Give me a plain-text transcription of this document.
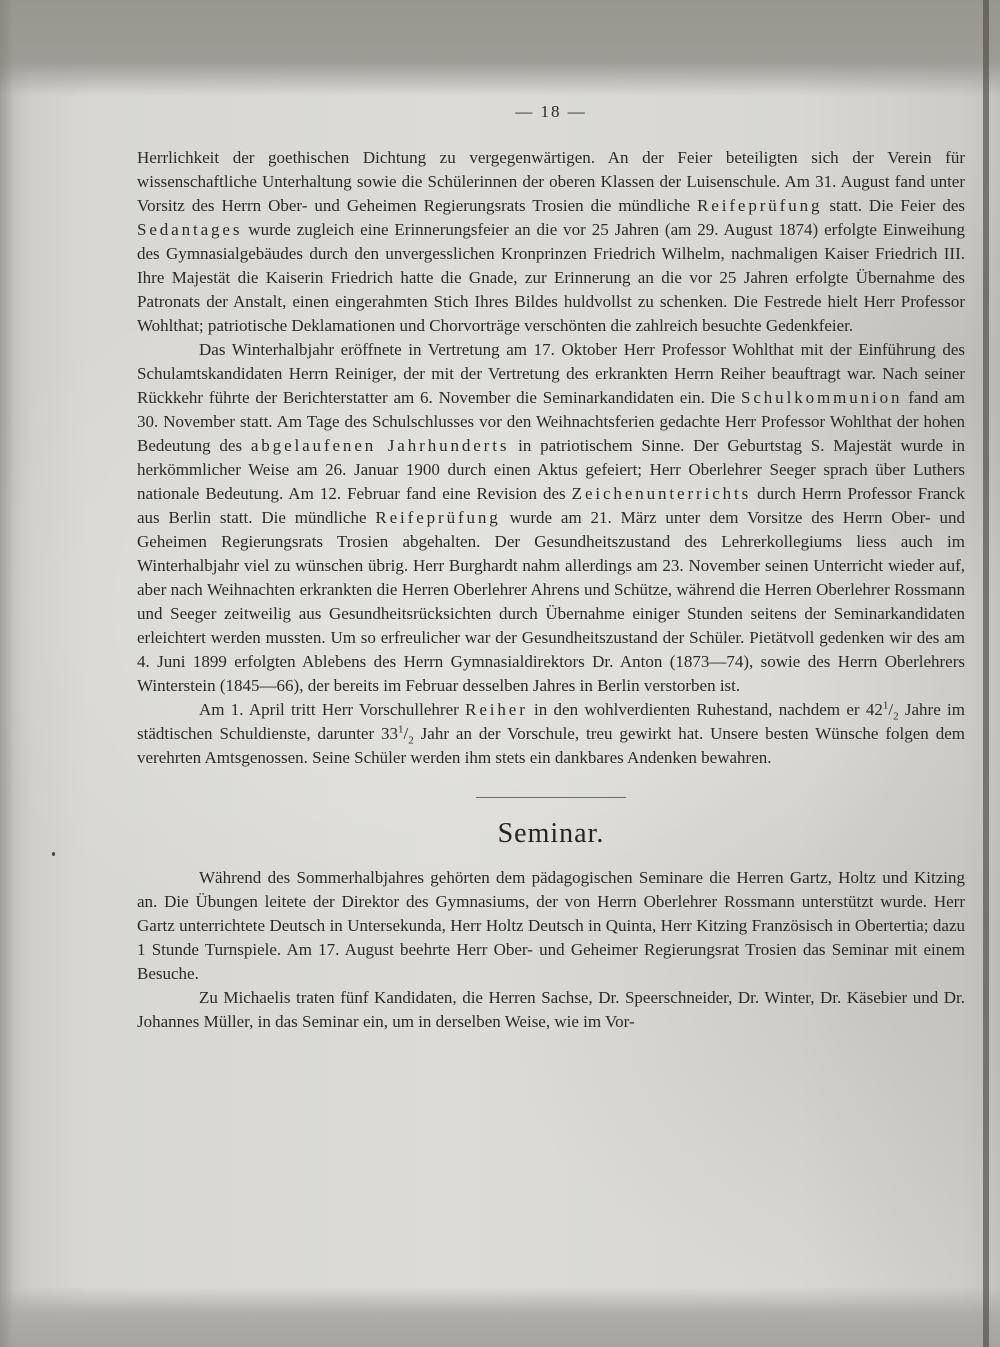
— 18 —

Herrlichkeit der goethischen Dichtung zu vergegenwärtigen. An der Feier beteiligten sich der Verein für wissenschaftliche Unterhaltung sowie die Schülerinnen der oberen Klassen der Luisenschule. Am 31. August fand unter Vorsitz des Herrn Ober- und Geheimen Regierungsrats Trosien die mündliche Reifeprüfung statt. Die Feier des Sedantages wurde zugleich eine Erinnerungsfeier an die vor 25 Jahren (am 29. August 1874) erfolgte Einweihung des Gymnasialgebäudes durch den unvergesslichen Kronprinzen Friedrich Wilhelm, nachmaligen Kaiser Friedrich III. Ihre Majestät die Kaiserin Friedrich hatte die Gnade, zur Erinnerung an die vor 25 Jahren erfolgte Übernahme des Patronats der Anstalt, einen eingerahmten Stich Ihres Bildes huldvollst zu schenken. Die Festrede hielt Herr Professor Wohlthat; patriotische Deklamationen und Chorvorträge verschönten die zahlreich besuchte Gedenkfeier.

Das Winterhalbjahr eröffnete in Vertretung am 17. Oktober Herr Professor Wohlthat mit der Einführung des Schulamtskandidaten Herrn Reiniger, der mit der Vertretung des erkrankten Herrn Reiher beauftragt war. Nach seiner Rückkehr führte der Berichterstatter am 6. November die Seminarkandidaten ein. Die Schulkommunion fand am 30. November statt. Am Tage des Schulschlusses vor den Weihnachtsferien gedachte Herr Professor Wohlthat der hohen Bedeutung des abgelaufenen Jahrhunderts in patriotischem Sinne. Der Geburtstag S. Majestät wurde in herkömmlicher Weise am 26. Januar 1900 durch einen Aktus gefeiert; Herr Oberlehrer Seeger sprach über Luthers nationale Bedeutung. Am 12. Februar fand eine Revision des Zeichenunterrichts durch Herrn Professor Franck aus Berlin statt. Die mündliche Reifeprüfung wurde am 21. März unter dem Vorsitze des Herrn Ober- und Geheimen Regierungsrats Trosien abgehalten. Der Gesundheitszustand des Lehrerkollegiums liess auch im Winterhalbjahr viel zu wünschen übrig. Herr Burghardt nahm allerdings am 23. November seinen Unterricht wieder auf, aber nach Weihnachten erkrankten die Herren Oberlehrer Ahrens und Schütze, während die Herren Oberlehrer Rossmann und Seeger zeitweilig aus Gesundheitsrücksichten durch Übernahme einiger Stunden seitens der Seminarkandidaten erleichtert werden mussten. Um so erfreulicher war der Gesundheitszustand der Schüler. Pietätvoll gedenken wir des am 4. Juni 1899 erfolgten Ablebens des Herrn Gymnasialdirektors Dr. Anton (1873—74), sowie des Herrn Oberlehrers Winterstein (1845—66), der bereits im Februar desselben Jahres in Berlin verstorben ist.

Am 1. April tritt Herr Vorschullehrer Reiher in den wohlverdienten Ruhestand, nachdem er $42^1/_2$ Jahre im städtischen Schuldienste, darunter $33^1/_2$ Jahr an der Vorschule, treu gewirkt hat. Unsere besten Wünsche folgen dem verehrten Amtsgenossen. Seine Schüler werden ihm stets ein dankbares Andenken bewahren.

Seminar.

Während des Sommerhalbjahres gehörten dem pädagogischen Seminare die Herren Gartz, Holtz und Kitzing an. Die Übungen leitete der Direktor des Gymnasiums, der von Herrn Oberlehrer Rossmann unterstützt wurde. Herr Gartz unterrichtete Deutsch in Untersekunda, Herr Holtz Deutsch in Quinta, Herr Kitzing Französisch in Obertertia; dazu 1 Stunde Turnspiele. Am 17. August beehrte Herr Ober- und Geheimer Regierungsrat Trosien das Seminar mit einem Besuche.

Zu Michaelis traten fünf Kandidaten, die Herren Sachse, Dr. Speerschneider, Dr. Winter, Dr. Käsebier und Dr. Johannes Müller, in das Seminar ein, um in derselben Weise, wie im Vor-
